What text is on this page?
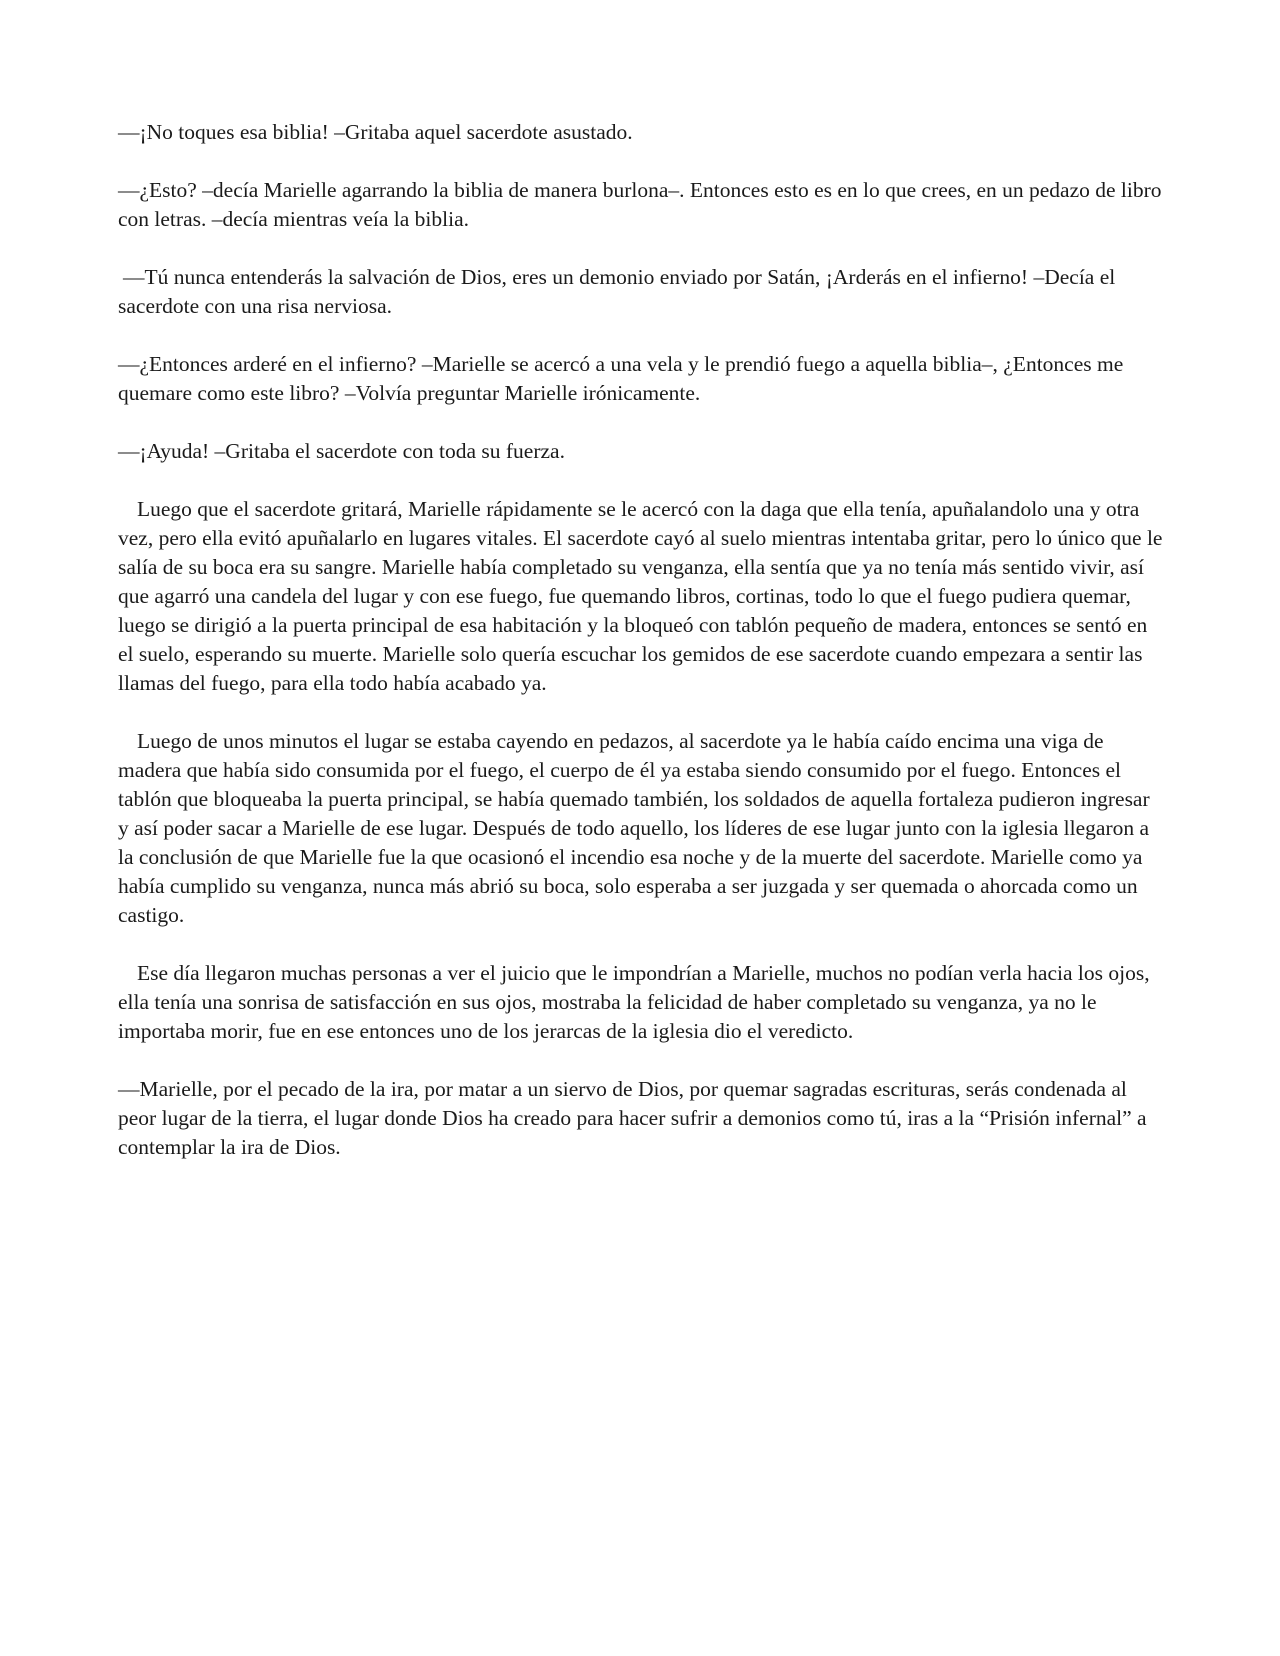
—¡No toques esa biblia! –Gritaba aquel sacerdote asustado.

—¿Esto? –decía Marielle agarrando la biblia de manera burlona–. Entonces esto es en lo que crees, en un pedazo de libro con letras. –decía mientras veía la biblia.

—Tú nunca entenderás la salvación de Dios, eres un demonio enviado por Satán, ¡Arderás en el infierno! –Decía el sacerdote con una risa nerviosa.

—¿Entonces arderé en el infierno? –Marielle se acercó a una vela y le prendió fuego a aquella biblia–, ¿Entonces me quemare como este libro? –Volvía preguntar Marielle irónicamente.

—¡Ayuda! –Gritaba el sacerdote con toda su fuerza.

Luego que el sacerdote gritará, Marielle rápidamente se le acercó con la daga que ella tenía, apuñalandolo una y otra vez, pero ella evitó apuñalarlo en lugares vitales. El sacerdote cayó al suelo mientras intentaba gritar, pero lo único que le salía de su boca era su sangre. Marielle había completado su venganza, ella sentía que ya no tenía más sentido vivir, así que agarró una candela del lugar y con ese fuego, fue quemando libros, cortinas, todo lo que el fuego pudiera quemar, luego se dirigió a la puerta principal de esa habitación y la bloqueó con tablón pequeño de madera, entonces se sentó en el suelo, esperando su muerte. Marielle solo quería escuchar los gemidos de ese sacerdote cuando empezara a sentir las llamas del fuego, para ella todo había acabado ya.

Luego de unos minutos el lugar se estaba cayendo en pedazos, al sacerdote ya le había caído encima una viga de madera que había sido consumida por el fuego, el cuerpo de él ya estaba siendo consumido por el fuego. Entonces el tablón que bloqueaba la puerta principal, se había quemado también, los soldados de aquella fortaleza pudieron ingresar y así poder sacar a Marielle de ese lugar. Después de todo aquello, los líderes de ese lugar junto con la iglesia llegaron a la conclusión de que Marielle fue la que ocasionó el incendio esa noche y de la muerte del sacerdote. Marielle como ya había cumplido su venganza, nunca más abrió su boca, solo esperaba a ser juzgada y ser quemada o ahorcada como un castigo.

Ese día llegaron muchas personas a ver el juicio que le impondrían a Marielle, muchos no podían verla hacia los ojos, ella tenía una sonrisa de satisfacción en sus ojos, mostraba la felicidad de haber completado su venganza, ya no le importaba morir, fue en ese entonces uno de los jerarcas de la iglesia dio el veredicto.

—Marielle, por el pecado de la ira, por matar a un siervo de Dios, por quemar sagradas escrituras, serás condenada al peor lugar de la tierra, el lugar donde Dios ha creado para hacer sufrir a demonios como tú, iras a la “Prisión infernal” a contemplar la ira de Dios.
